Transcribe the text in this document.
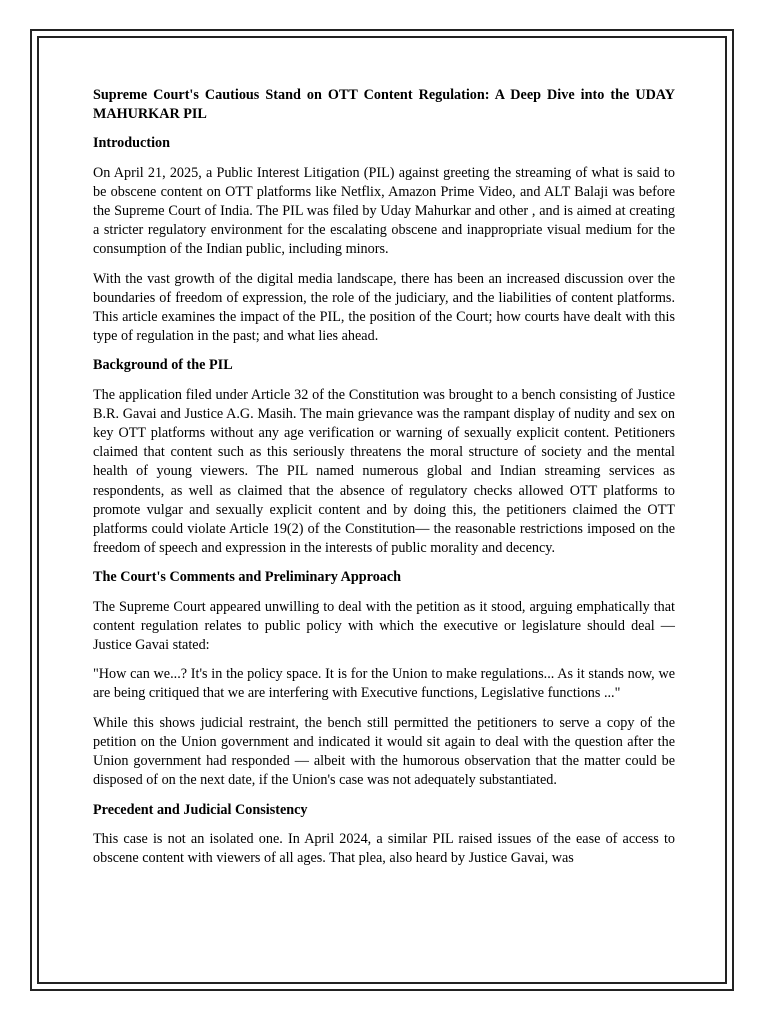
Supreme Court's Cautious Stand on OTT Content Regulation: A Deep Dive into the UDAY MAHURKAR PIL
Introduction

On April 21, 2025, a Public Interest Litigation (PIL) against greeting the streaming of what is said to be obscene content on OTT platforms like Netflix, Amazon Prime Video, and ALT Balaji was before the Supreme Court of India. The PIL was filed by Uday Mahurkar and other , and is aimed at creating a stricter regulatory environment for the escalating obscene and inappropriate visual medium for the consumption of the Indian public, including minors.

With the vast growth of the digital media landscape, there has been an increased discussion over the boundaries of freedom of expression, the role of the judiciary, and the liabilities of content platforms. This article examines the impact of the PIL, the position of the Court; how courts have dealt with this type of regulation in the past; and what lies ahead.

Background of the PIL

The application filed under Article 32 of the Constitution was brought to a bench consisting of Justice B.R. Gavai and Justice A.G. Masih. The main grievance was the rampant display of nudity and sex on key OTT platforms without any age verification or warning of sexually explicit content. Petitioners claimed that content such as this seriously threatens the moral structure of society and the mental health of young viewers. The PIL named numerous global and Indian streaming services as respondents, as well as claimed that the absence of regulatory checks allowed OTT platforms to promote vulgar and sexually explicit content and by doing this, the petitioners claimed the OTT platforms could violate Article 19(2) of the Constitution— the reasonable restrictions imposed on the freedom of speech and expression in the interests of public morality and decency.

The Court's Comments and Preliminary Approach

The Supreme Court appeared unwilling to deal with the petition as it stood, arguing emphatically that content regulation relates to public policy with which the executive or legislature should deal — Justice Gavai stated:

"How can we...? It's in the policy space. It is for the Union to make regulations... As it stands now, we are being critiqued that we are interfering with Executive functions, Legislative functions ..."

While this shows judicial restraint, the bench still permitted the petitioners to serve a copy of the petition on the Union government and indicated it would sit again to deal with the question after the Union government had responded — albeit with the humorous observation that the matter could be disposed of on the next date, if the Union's case was not adequately substantiated.

Precedent and Judicial Consistency

This case is not an isolated one. In April 2024, a similar PIL raised issues of the ease of access to obscene content with viewers of all ages. That plea, also heard by Justice Gavai, was
